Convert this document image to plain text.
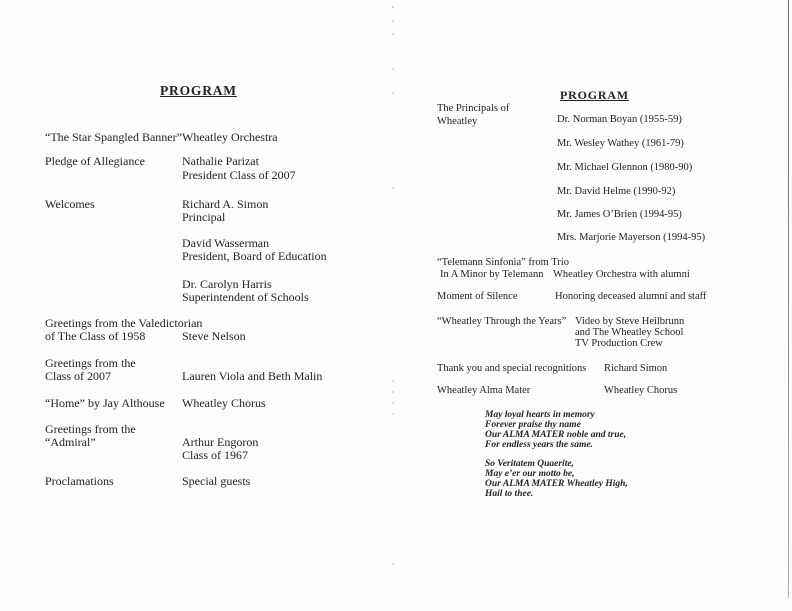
PROGRAM
“The Star Spangled Banner” Wheatley Orchestra
Pledge of Allegiance	Nathalie Parizat
President Class of 2007
Welcomes	Richard A. Simon
Principal
David Wasserman
President, Board of Education
Dr. Carolyn Harris
Superintendent of Schools
Greetings from the Valedictorian
of The Class of 1958	Steve Nelson
Greetings from the
Class of 2007	Lauren Viola and Beth Malin
“Home” by Jay Althouse Wheatley Chorus
Greetings from the
“Admiral”	Arthur Engoron
Class of 1967
Proclamations	Special guests
PROGRAM
The Principals of
Wheatley	Dr. Norman Boyan (1955-59)
Mr. Wesley Wathey (1961-79)
Mr. Michael Glennon (1980-90)
Mr. David Helme (1990-92)
Mr. James O’Brien (1994-95)
Mrs. Marjorie Mayerson (1994-95)
“Telemann Sinfonia” from Trio
In A Minor by Telemann Wheatley Orchestra with alumni
Moment of Silence	Honoring deceased alumni and staff
“Wheatley Through the Years” Video by Steve Heilbrunn
and The Wheatley School
TV Production Crew
Thank you and special recognitions Richard Simon
Wheatley Alma Mater	Wheatley Chorus
May loyal hearts in memory
Forever praise thy name
Our ALMA MATER noble and true,
For endless years the same.
So Veritatem Quaerite,
May e’er our motto be,
Our ALMA MATER Wheatley High,
Hail to thee.
